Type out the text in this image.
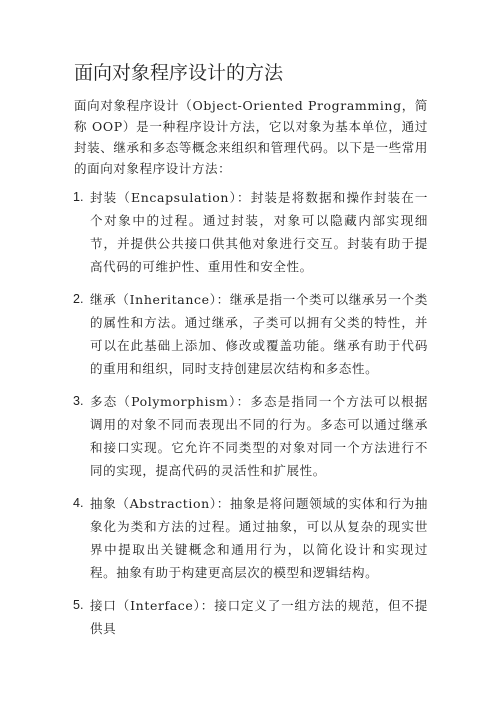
面向对象程序设计的方法

面向对象程序设计（Object-Oriented Programming，简称 OOP）是一种程序设计方法，它以对象为基本单位，通过封装、继承和多态等概念来组织和管理代码。以下是一些常用的面向对象程序设计方法：

1. 封装（Encapsulation）：封装是将数据和操作封装在一个对象中的过程。通过封装，对象可以隐藏内部实现细节，并提供公共接口供其他对象进行交互。封装有助于提高代码的可维护性、重用性和安全性。
2. 继承（Inheritance）：继承是指一个类可以继承另一个类的属性和方法。通过继承，子类可以拥有父类的特性，并可以在此基础上添加、修改或覆盖功能。继承有助于代码的重用和组织，同时支持创建层次结构和多态性。
3. 多态（Polymorphism）：多态是指同一个方法可以根据调用的对象不同而表现出不同的行为。多态可以通过继承和接口实现。它允许不同类型的对象对同一个方法进行不同的实现，提高代码的灵活性和扩展性。
4. 抽象（Abstraction）：抽象是将问题领域的实体和行为抽象化为类和方法的过程。通过抽象，可以从复杂的现实世界中提取出关键概念和通用行为，以简化设计和实现过程。抽象有助于构建更高层次的模型和逻辑结构。
5. 接口（Interface）：接口定义了一组方法的规范，但不提供具
